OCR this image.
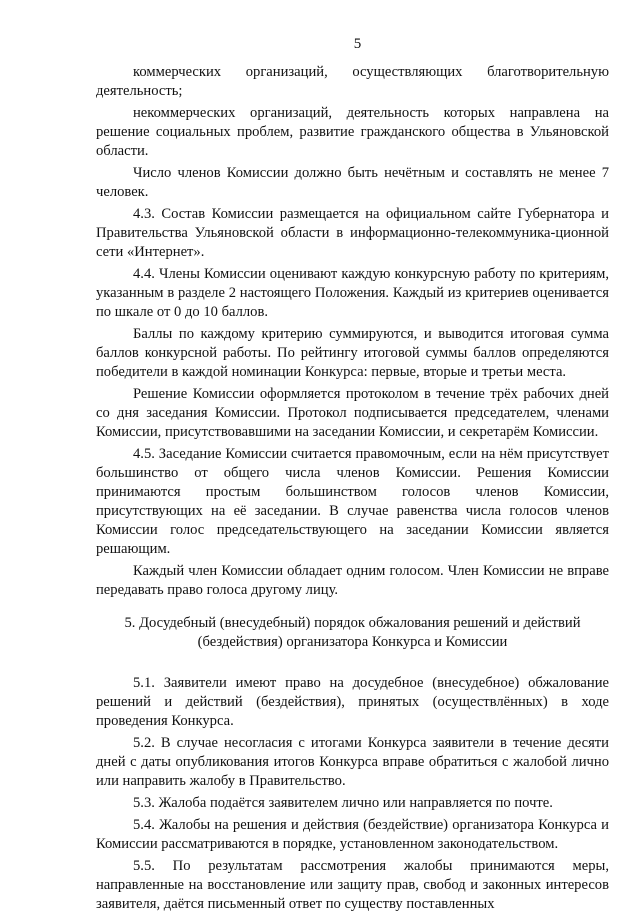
5

коммерческих организаций, осуществляющих благотворительную деятельность;

некоммерческих организаций, деятельность которых направлена на решение социальных проблем, развитие гражданского общества в Ульяновской области.

Число членов Комиссии должно быть нечётным и составлять не менее 7 человек.

4.3. Состав Комиссии размещается на официальном сайте Губернатора и Правительства Ульяновской области в информационно-телекоммуника-ционной сети «Интернет».

4.4. Члены Комиссии оценивают каждую конкурсную работу по критериям, указанным в разделе 2 настоящего Положения. Каждый из критериев оценивается по шкале от 0 до 10 баллов.

Баллы по каждому критерию суммируются, и выводится итоговая сумма баллов конкурсной работы. По рейтингу итоговой суммы баллов определяются победители в каждой номинации Конкурса: первые, вторые и третьи места.

Решение Комиссии оформляется протоколом в течение трёх рабочих дней со дня заседания Комиссии. Протокол подписывается председателем, членами Комиссии, присутствовавшими на заседании Комиссии, и секретарём Комиссии.

4.5. Заседание Комиссии считается правомочным, если на нём присутствует большинство от общего числа членов Комиссии. Решения Комиссии принимаются простым большинством голосов членов Комиссии, присутствующих на её заседании. В случае равенства числа голосов членов Комиссии голос председательствующего на заседании Комиссии является решающим.

Каждый член Комиссии обладает одним голосом. Член Комиссии не вправе передавать право голоса другому лицу.

5. Досудебный (внесудебный) порядок обжалования решений и действий (бездействия) организатора Конкурса и Комиссии

5.1. Заявители имеют право на досудебное (внесудебное) обжалование решений и действий (бездействия), принятых (осуществлённых) в ходе проведения Конкурса.

5.2. В случае несогласия с итогами Конкурса заявители в течение десяти дней с даты опубликования итогов Конкурса вправе обратиться с жалобой лично или направить жалобу в Правительство.

5.3. Жалоба подаётся заявителем лично или направляется по почте.

5.4. Жалобы на решения и действия (бездействие) организатора Конкурса и Комиссии рассматриваются в порядке, установленном законодательством.

5.5. По результатам рассмотрения жалобы принимаются меры, направленные на восстановление или защиту прав, свобод и законных интересов заявителя, даётся письменный ответ по существу поставленных
